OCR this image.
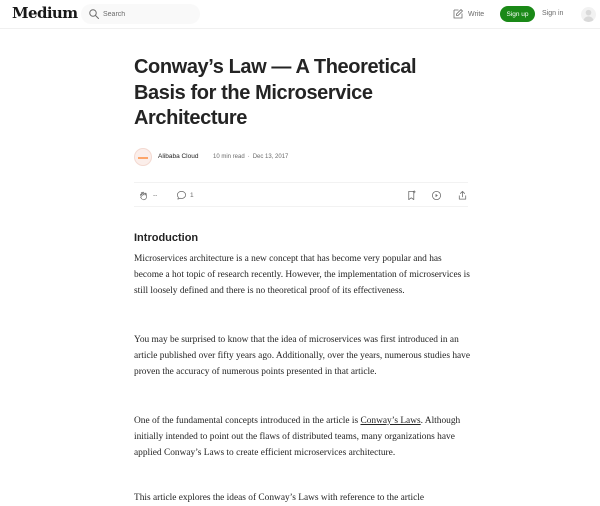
Medium
Search	Write	Sign up	Sign in
Conway’s Law — A Theoretical Basis for the Microservice Architecture
Alibaba Cloud 10 min read · Dec 13, 2017
--	1
Introduction

Microservices architecture is a new concept that has become very popular and has become a hot topic of research recently. However, the implementation of microservices is still loosely defined and there is no theoretical proof of its effectiveness.

You may be surprised to know that the idea of microservices was first introduced in an article published over fifty years ago. Additionally, over the years, numerous studies have proven the accuracy of numerous points presented in that article.

One of the fundamental concepts introduced in the article is Conway’s Laws. Although initially intended to point out the flaws of distributed teams, many organizations have applied Conway’s Laws to create efficient microservices architecture.

This article explores the ideas of Conway’s Laws with reference to the article
